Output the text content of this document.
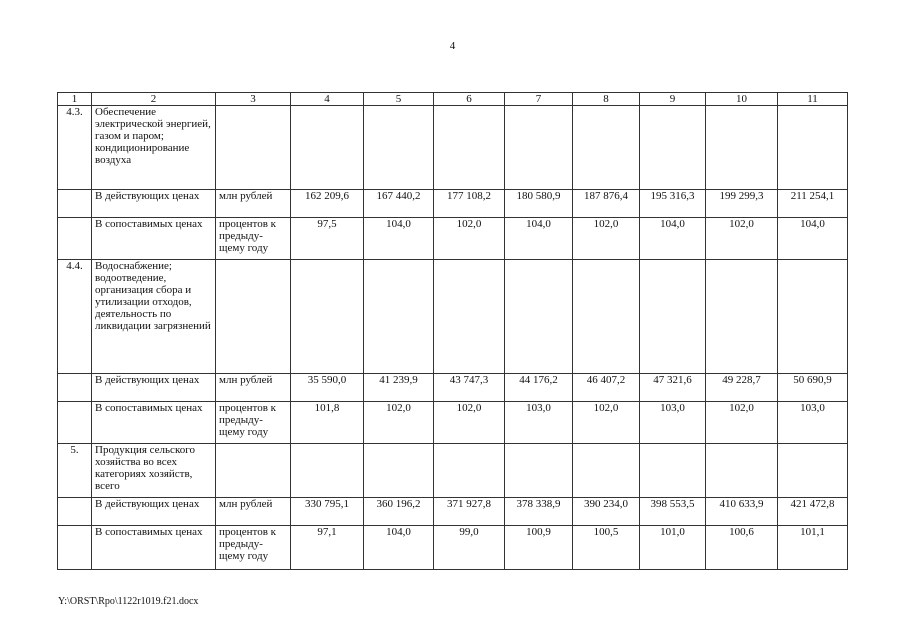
4
1	2	3	4	5	6	7	8	9	10	11
4.3.	Обеспечение электрической энергией, газом и паром; кондиционирование воздуха									
	В действующих ценах	млн рублей	162 209,6	167 440,2	177 108,2	180 580,9	187 876,4	195 316,3	199 299,3	211 254,1
	В сопоставимых ценах	процентов к предыду-щему году	97,5	104,0	102,0	104,0	102,0	104,0	102,0	104,0
4.4.	Водоснабжение; водоотведение, организация сбора и утилизации отходов, деятельность по ликвидации загрязнений									
	В действующих ценах	млн рублей	35 590,0	41 239,9	43 747,3	44 176,2	46 407,2	47 321,6	49 228,7	50 690,9
	В сопоставимых ценах	процентов к предыду-щему году	101,8	102,0	102,0	103,0	102,0	103,0	102,0	103,0
5.	Продукция сельского хозяйства во всех категориях хозяйств, всего									
	В действующих ценах	млн рублей	330 795,1	360 196,2	371 927,8	378 338,9	390 234,0	398 553,5	410 633,9	421 472,8
	В сопоставимых ценах	процентов к предыду-щему году	97,1	104,0	99,0	100,9	100,5	101,0	100,6	101,1
Y:\ORST\Rpo\1122r1019.f21.docx
